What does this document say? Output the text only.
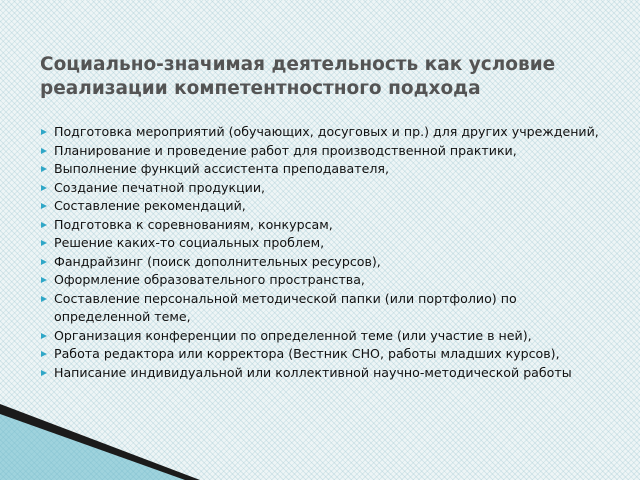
Социально-значимая деятельность как условие реализации компетентностного подхода
Подготовка мероприятий (обучающих, досуговых и пр.) для других учреждений,
Планирование и проведение работ для производственной практики,
Выполнение функций ассистента преподавателя,
Создание печатной продукции,
Составление рекомендаций,
Подготовка к соревнованиям, конкурсам,
Решение каких-то социальных проблем,
Фандрайзинг (поиск дополнительных ресурсов),
Оформление образовательного пространства,
Составление персональной методической папки (или портфолио) по определенной теме,
Организация конференции по определенной теме (или участие в ней),
Работа редактора или корректора (Вестник СНО, работы младших курсов),
Написание индивидуальной или коллективной научно-методической работы
